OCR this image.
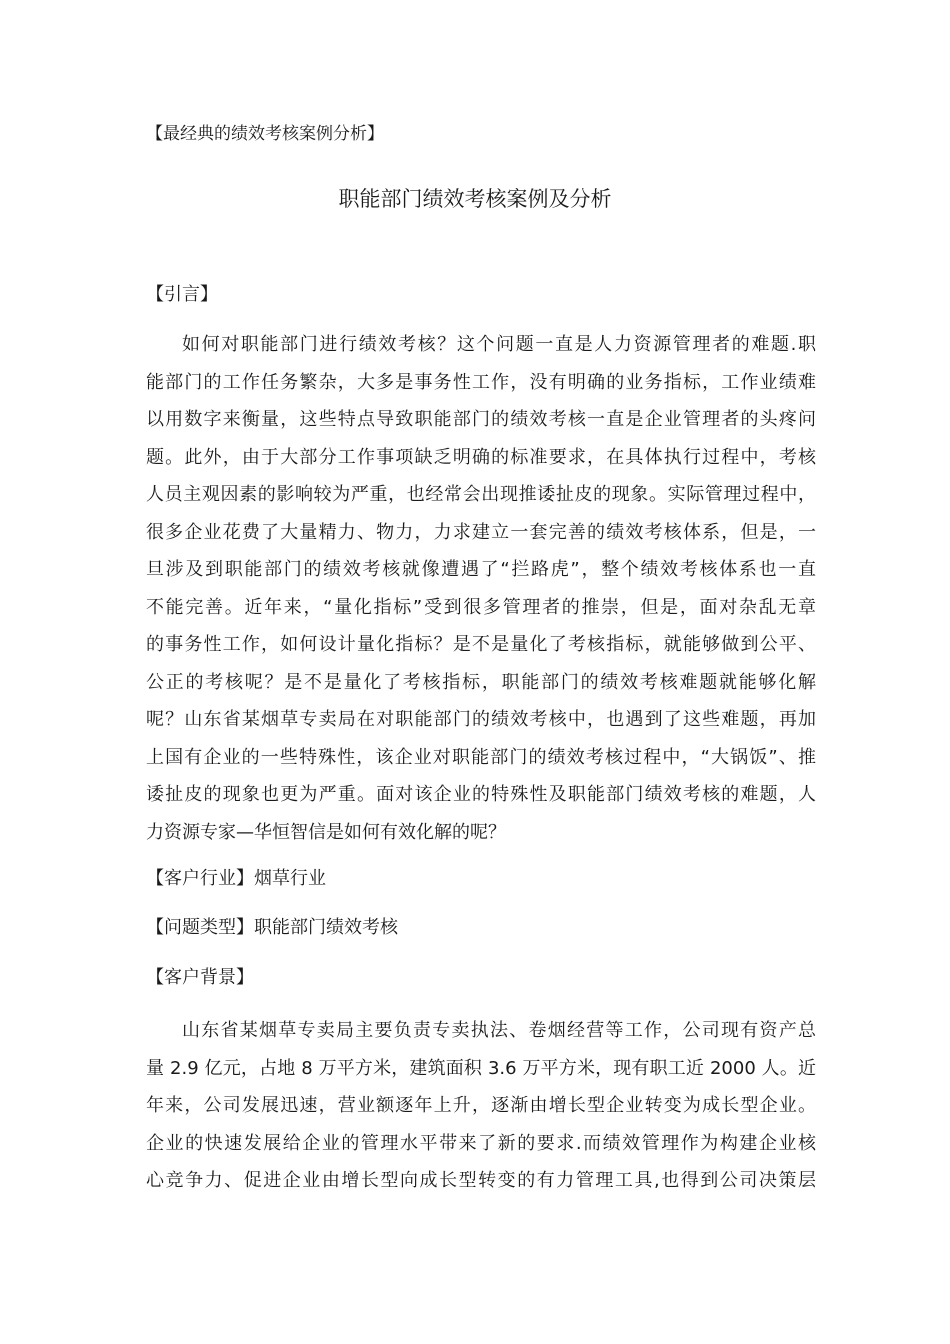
【最经典的绩效考核案例分析】
职能部门绩效考核案例及分析
【引言】
如何对职能部门进行绩效考核？这个问题一直是人力资源管理者的难题.职
能部门的工作任务繁杂，大多是事务性工作，没有明确的业务指标，工作业绩难
以用数字来衡量，这些特点导致职能部门的绩效考核一直是企业管理者的头疼问
题。此外，由于大部分工作事项缺乏明确的标准要求，在具体执行过程中，考核
人员主观因素的影响较为严重，也经常会出现推诿扯皮的现象。实际管理过程中，
很多企业花费了大量精力、物力，力求建立一套完善的绩效考核体系，但是，一
旦涉及到职能部门的绩效考核就像遭遇了“拦路虎”，整个绩效考核体系也一直
不能完善。近年来，“量化指标”受到很多管理者的推崇，但是，面对杂乱无章
的事务性工作，如何设计量化指标？是不是量化了考核指标，就能够做到公平、
公正的考核呢？是不是量化了考核指标，职能部门的绩效考核难题就能够化解
呢？山东省某烟草专卖局在对职能部门的绩效考核中，也遇到了这些难题，再加
上国有企业的一些特殊性，该企业对职能部门的绩效考核过程中，“大锅饭”、推
诿扯皮的现象也更为严重。面对该企业的特殊性及职能部门绩效考核的难题，人
力资源专家—华恒智信是如何有效化解的呢？
【客户行业】烟草行业
【问题类型】职能部门绩效考核
【客户背景】
山东省某烟草专卖局主要负责专卖执法、卷烟经营等工作，公司现有资产总
量 2.9 亿元，占地 8 万平方米，建筑面积 3.6 万平方米，现有职工近 2000 人。近
年来，公司发展迅速，营业额逐年上升，逐渐由增长型企业转变为成长型企业。
企业的快速发展给企业的管理水平带来了新的要求.而绩效管理作为构建企业核
心竞争力、促进企业由增长型向成长型转变的有力管理工具,也得到公司决策层
